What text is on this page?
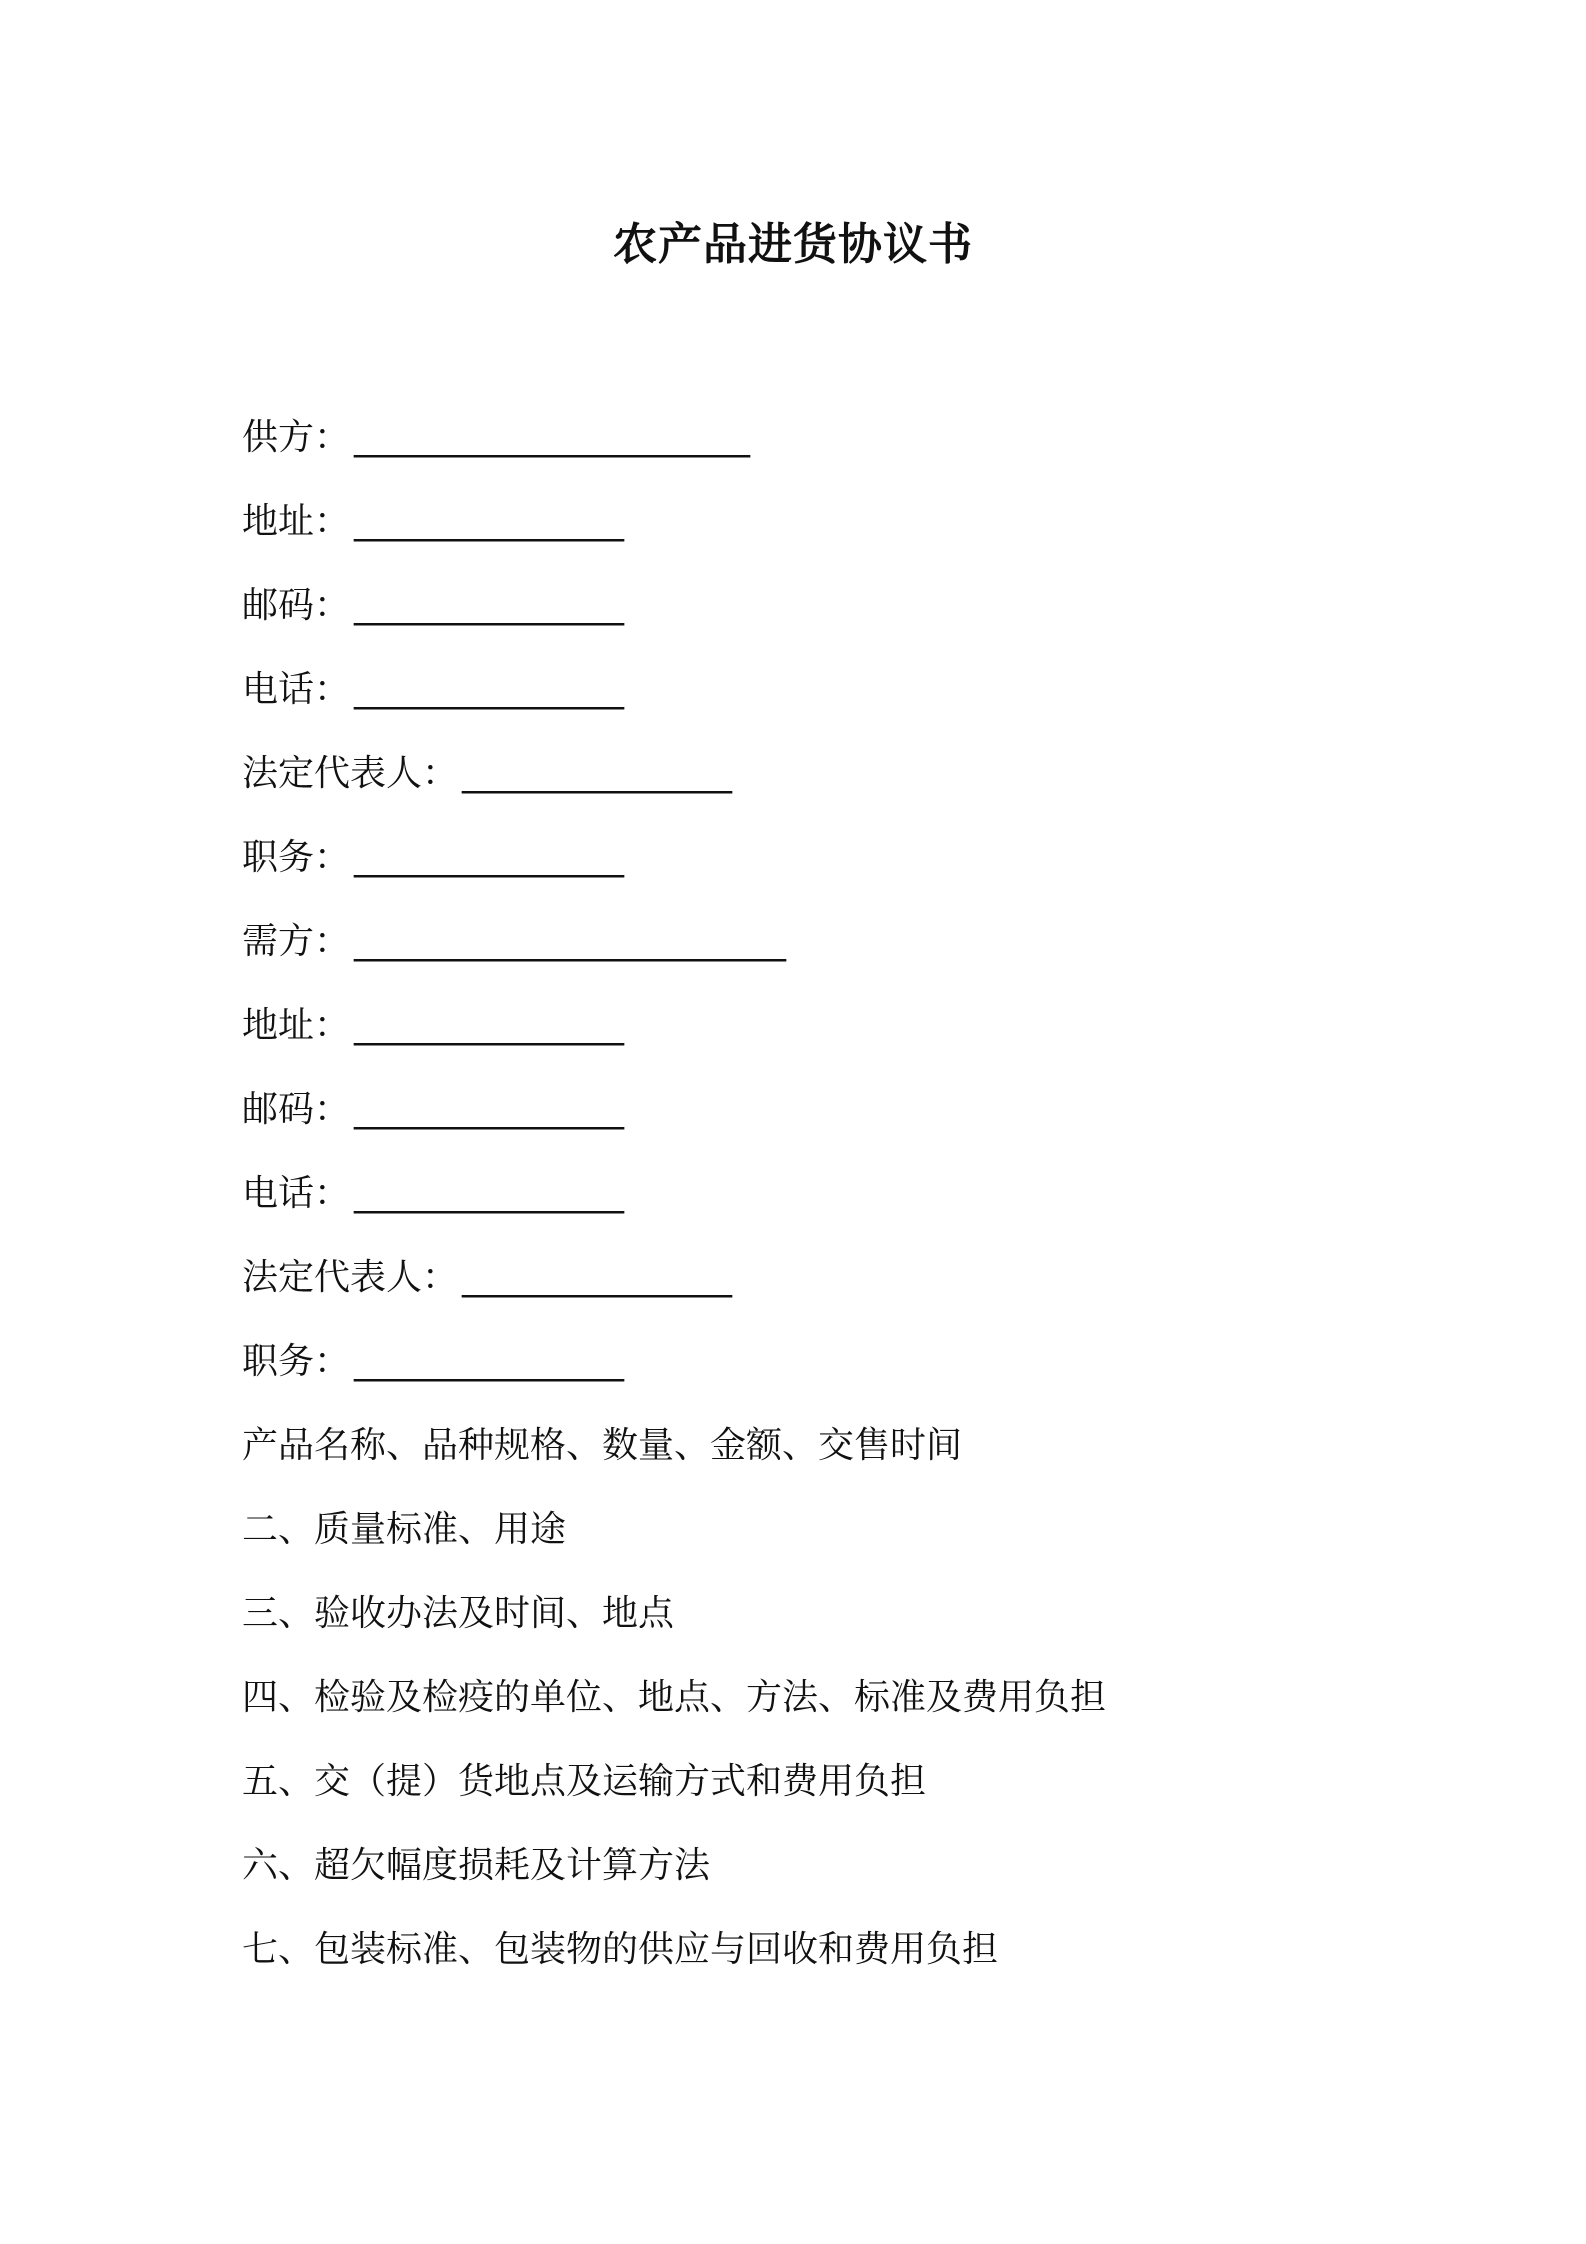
农产品进货协议书
供方： ______________________
地址： _______________
邮码： _______________
电话： _______________
法定代表人： _______________
职务： _______________
需方： ________________________
地址： _______________
邮码： _______________
电话： _______________
法定代表人： _______________
职务： _______________
产品名称、品种规格、数量、金额、交售时间
二、质量标准、用途
三、验收办法及时间、地点
四、检验及检疫的单位、地点、方法、标准及费用负担
五、交（提）货地点及运输方式和费用负担
六、超欠幅度损耗及计算方法
七、包装标准、包装物的供应与回收和费用负担
